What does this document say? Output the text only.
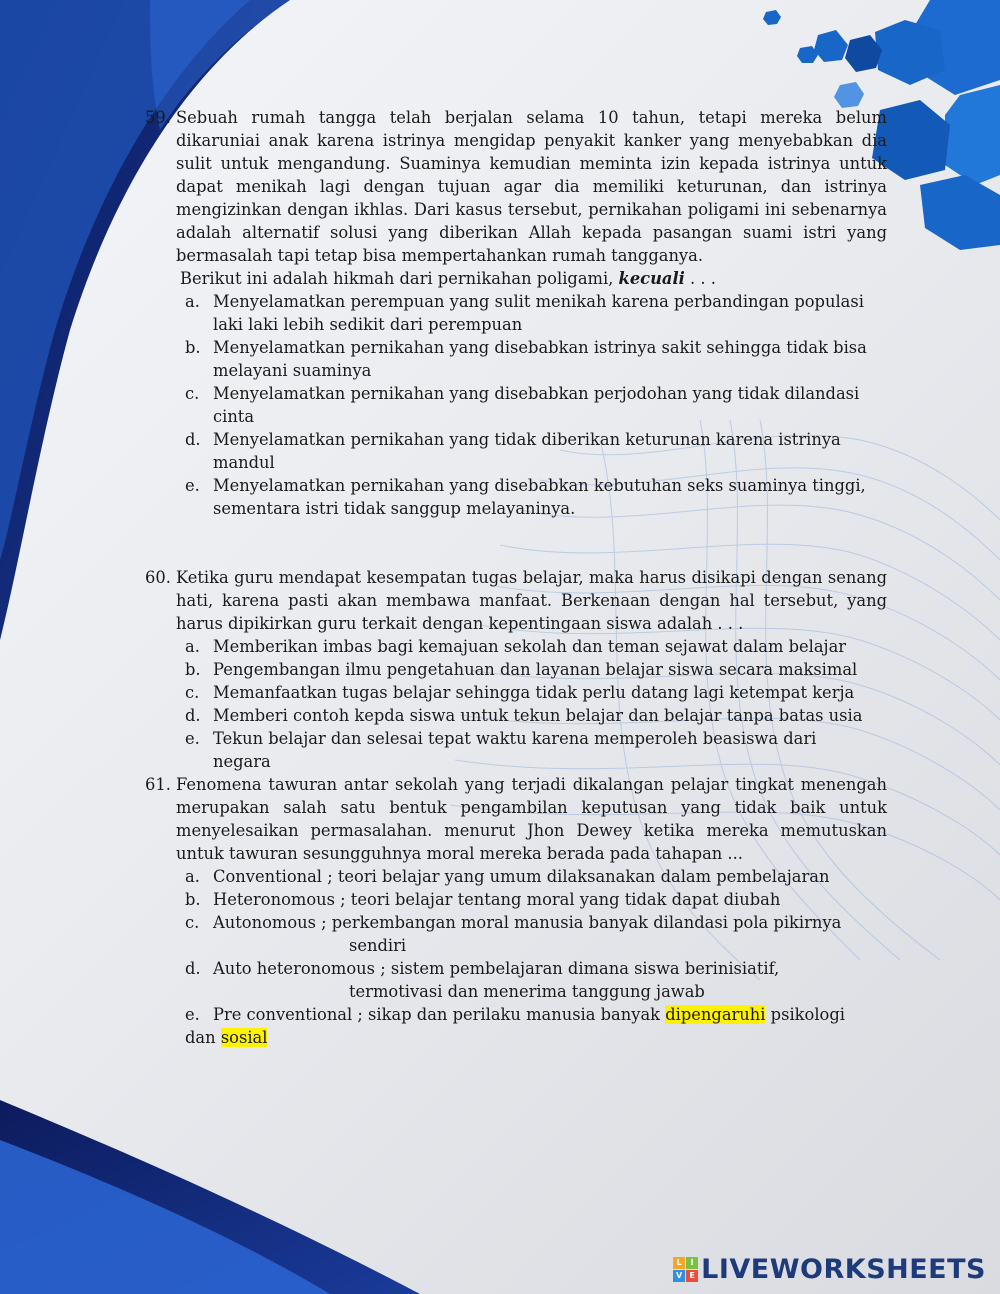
59. Sebuah rumah tangga telah berjalan selama 10 tahun, tetapi mereka belum dikaruniai anak karena istrinya mengidap penyakit kanker yang menyebabkan dia sulit untuk mengandung. Suaminya kemudian meminta izin kepada istrinya untuk dapat menikah lagi dengan tujuan agar dia memiliki keturunan, dan istrinya mengizinkan dengan ikhlas. Dari kasus tersebut, pernikahan poligami ini sebenarnya adalah alternatif solusi yang diberikan Allah kepada pasangan suami istri yang bermasalah tapi tetap bisa mempertahankan rumah tangganya.
Berikut ini adalah hikmah dari pernikahan poligami, kecuali . . .
a. Menyelamatkan perempuan yang sulit menikah karena perbandingan populasi laki laki lebih sedikit dari perempuan
b. Menyelamatkan pernikahan yang disebabkan istrinya sakit sehingga tidak bisa melayani suaminya
c. Menyelamatkan pernikahan yang disebabkan perjodohan yang tidak dilandasi cinta
d. Menyelamatkan pernikahan yang tidak diberikan keturunan karena istrinya mandul
e. Menyelamatkan pernikahan yang disebabkan kebutuhan seks suaminya tinggi, sementara istri tidak sanggup melayaninya.
60. Ketika guru mendapat kesempatan tugas belajar, maka harus disikapi dengan senang hati, karena pasti akan membawa manfaat. Berkenaan dengan hal tersebut, yang harus dipikirkan guru terkait dengan kepentingaan siswa adalah . . .
a. Memberikan imbas bagi kemajuan sekolah dan teman sejawat dalam belajar
b. Pengembangan ilmu pengetahuan dan layanan belajar siswa secara maksimal
c. Memanfaatkan tugas belajar sehingga tidak perlu datang lagi ketempat kerja
d. Memberi contoh kepda siswa untuk tekun belajar dan belajar tanpa batas usia
e. Tekun belajar dan selesai tepat waktu karena memperoleh beasiswa dari negara
61. Fenomena tawuran antar sekolah yang terjadi dikalangan pelajar tingkat menengah merupakan salah satu bentuk pengambilan keputusan yang tidak baik untuk menyelesaikan permasalahan. menurut Jhon Dewey ketika mereka memutuskan untuk tawuran sesungguhnya moral mereka berada pada tahapan ...
a. Conventional ; teori belajar yang umum dilaksanakan dalam pembelajaran
b. Heteronomous ; teori belajar tentang moral yang tidak dapat diubah
c. Autonomous ; perkembangan moral manusia banyak dilandasi pola pikirnya
sendiri
d. Auto heteronomous ; sistem pembelajaran dimana siswa berinisiatif,
termotivasi dan menerima tanggung jawab
e. Pre conventional ; sikap dan perilaku manusia banyak dipengaruhi psikologi
dan sosial
L	I
V E LIVEWORKSHEETS
